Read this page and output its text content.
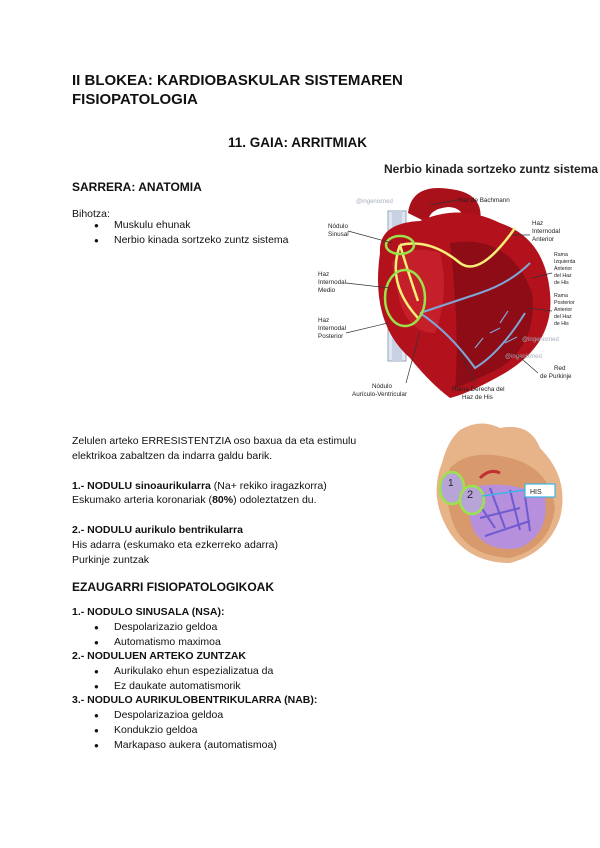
II BLOKEA: KARDIOBASKULAR SISTEMAREN FISIOPATOLOGIA
11. GAIA: ARRITMIAK
Nerbio kinada sortzeko zuntz sistema
@ingenixmed
@ingenixmed
@ingenixmed
Haz de Bachmann
Nódulo
Sinusal
Haz
Internodal
Anterior
Rama
Izquierda
Anterior
del Haz
de His
Rama
Posterior
Anterior
del Haz
de His
Haz
Internodal
Medio
Haz
Internodal
Posterior
Nódulo
Aurículo-Ventricular
Rama Derecha del
Haz de His
Red
de Purkinje
1
2	HIS
SARRERA: ANATOMIA
Bihotza:
● Muskulu ehunak
● Nerbio kinada sortzeko zuntz sistema
Zelulen arteko ERRESISTENTZIA oso baxua da eta estimulu
elektrikoa zabaltzen da indarra galdu barik.
1.- NODULU sinoaurikularra (Na+ rekiko iragazkorra)
Eskumako arteria koronariak (80%) odoleztatzen du.
2.- NODULU aurikulo bentrikularra
His adarra (eskumako eta ezkerreko adarra)
Purkinje zuntzak
EZAUGARRI FISIOPATOLOGIKOAK
1.- NODULO SINUSALA (NSA):
● Despolarizazio geldoa
● Automatismo maximoa
2.- NODULUEN ARTEKO ZUNTZAK
● Aurikulako ehun espezializatua da
● Ez daukate automatismorik
3.- NODULO AURIKULOBENTRIKULARRA (NAB):
● Despolarizazioa geldoa
● Kondukzio geldoa
● Markapaso aukera (automatismoa)
